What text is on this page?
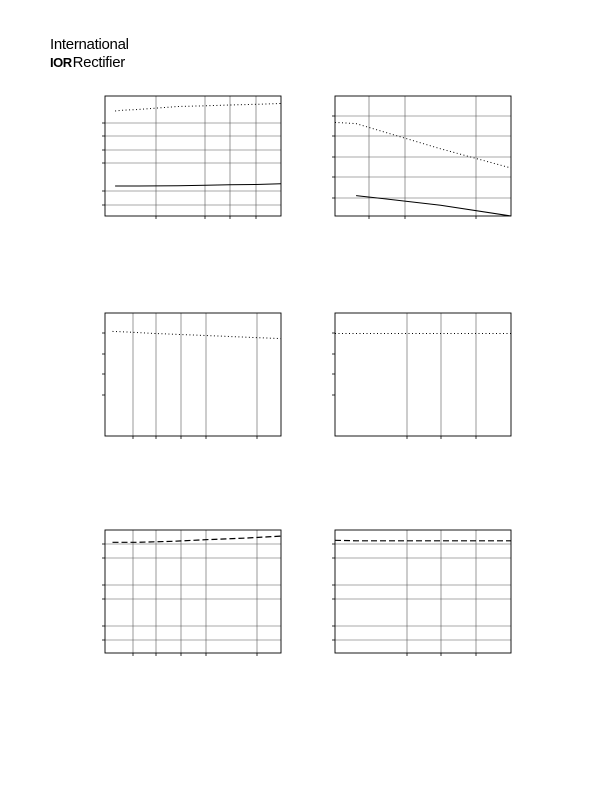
International
IOR Rectifier
